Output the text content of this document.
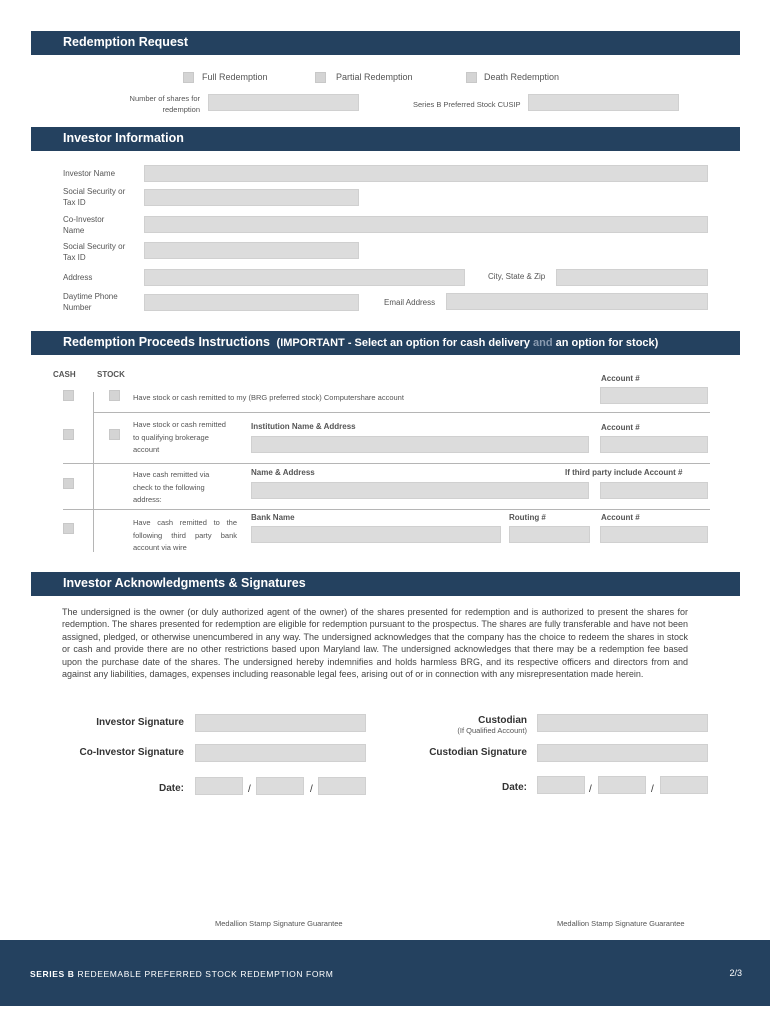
Redemption Request
Full Redemption	Partial Redemption	Death Redemption
Number of shares for redemption
Series B Preferred Stock CUSIP
Investor Information
Investor Name
Social Security or Tax ID
Co-Investor Name
Social Security or Tax ID
Address	City, State & Zip
Daytime Phone Number
Email Address
Redemption Proceeds Instructions (IMPORTANT - Select an option for cash delivery and an option for stock)
CASH	STOCK
Have stock or cash remitted to my (BRG preferred stock) Computershare account
Account #
Have stock or cash remitted to qualifying brokerage account
Institution Name & Address	Account #
Have cash remitted via check to the following address:
Name & Address	If third party include Account #
Have cash remitted to the following third party bank account via wire
Bank Name	Routing #	Account #
Investor Acknowledgments & Signatures

The undersigned is the owner (or duly authorized agent of the owner) of the shares presented for redemption and is authorized to present the shares for redemption. The shares presented for redemption are eligible for redemption pursuant to the prospectus. The shares are fully transferable and have not been assigned, pledged, or otherwise unencumbered in any way. The undersigned acknowledges that the company has the choice to redeem the shares in stock or cash and provide there are no other restrictions based upon Maryland law. The undersigned acknowledges that there may be a redemption fee based upon the purchase date of the shares. The undersigned hereby indemnifies and holds harmless BRG, and its respective officers and directors from and against any liabilities, damages, expenses including reasonable legal fees, arising out of or in connection with any misrepresentation made herein.

Investor Signature
Co-Investor Signature
Date:	/	/
Custodian
(If Qualified Account)
Custodian Signature
Date:	/	/
Medallion Stamp Signature Guarantee	Medallion Stamp Signature Guarantee
SERIES B REDEEMABLE PREFERRED STOCK REDEMPTION FORM	2/3
